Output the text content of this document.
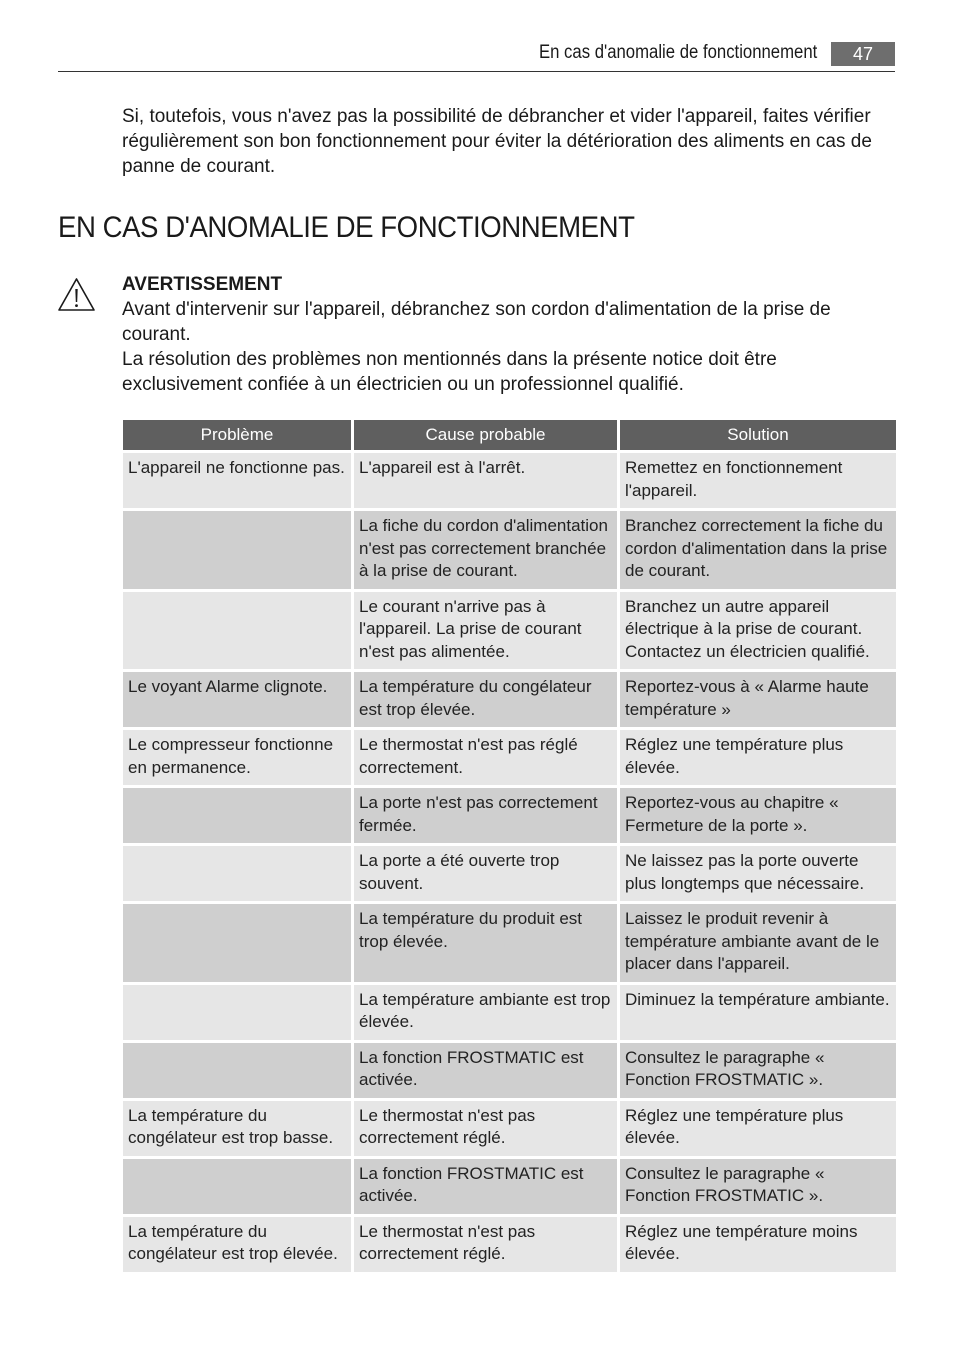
En cas d'anomalie de fonctionnement	47

Si, toutefois, vous n'avez pas la possibilité de débrancher et vider l'appareil, faites vérifier régulièrement son bon fonctionnement pour éviter la détérioration des aliments en cas de panne de courant.

EN CAS D'ANOMALIE DE FONCTIONNEMENT

AVERTISSEMENT

Avant d'intervenir sur l'appareil, débranchez son cordon d'alimentation de la prise de courant.

La résolution des problèmes non mentionnés dans la présente notice doit être exclusivement confiée à un électricien ou un professionnel qualifié.

Problème	Cause probable	Solution
L'appareil ne fonctionne pas.	L'appareil est à l'arrêt.	Remettez en fonctionnement l'appareil.
	La fiche du cordon d'alimentation n'est pas correctement branchée à la prise de courant.	Branchez correctement la fiche du cordon d'alimentation dans la prise de courant.
	Le courant n'arrive pas à l'appareil. La prise de courant n'est pas alimentée.	Branchez un autre appareil électrique à la prise de courant. Contactez un électricien qualifié.
Le voyant Alarme clignote.	La température du congélateur est trop élevée.	Reportez-vous à « Alarme haute température »
Le compresseur fonctionne en permanence.	Le thermostat n'est pas réglé correctement.	Réglez une température plus élevée.
	La porte n'est pas correctement fermée.	Reportez-vous au chapitre « Fermeture de la porte ».
	La porte a été ouverte trop souvent.	Ne laissez pas la porte ouverte plus longtemps que nécessaire.
	La température du produit est trop élevée.	Laissez le produit revenir à température ambiante avant de le placer dans l'appareil.
	La température ambiante est trop élevée.	Diminuez la température ambiante.
	La fonction FROSTMATIC est activée.	Consultez le paragraphe « Fonction FROSTMATIC ».
La température du congélateur est trop basse.	Le thermostat n'est pas correctement réglé.	Réglez une température plus élevée.
	La fonction FROSTMATIC est activée.	Consultez le paragraphe « Fonction FROSTMATIC ».
La température du congélateur est trop élevée.	Le thermostat n'est pas correctement réglé.	Réglez une température moins élevée.
